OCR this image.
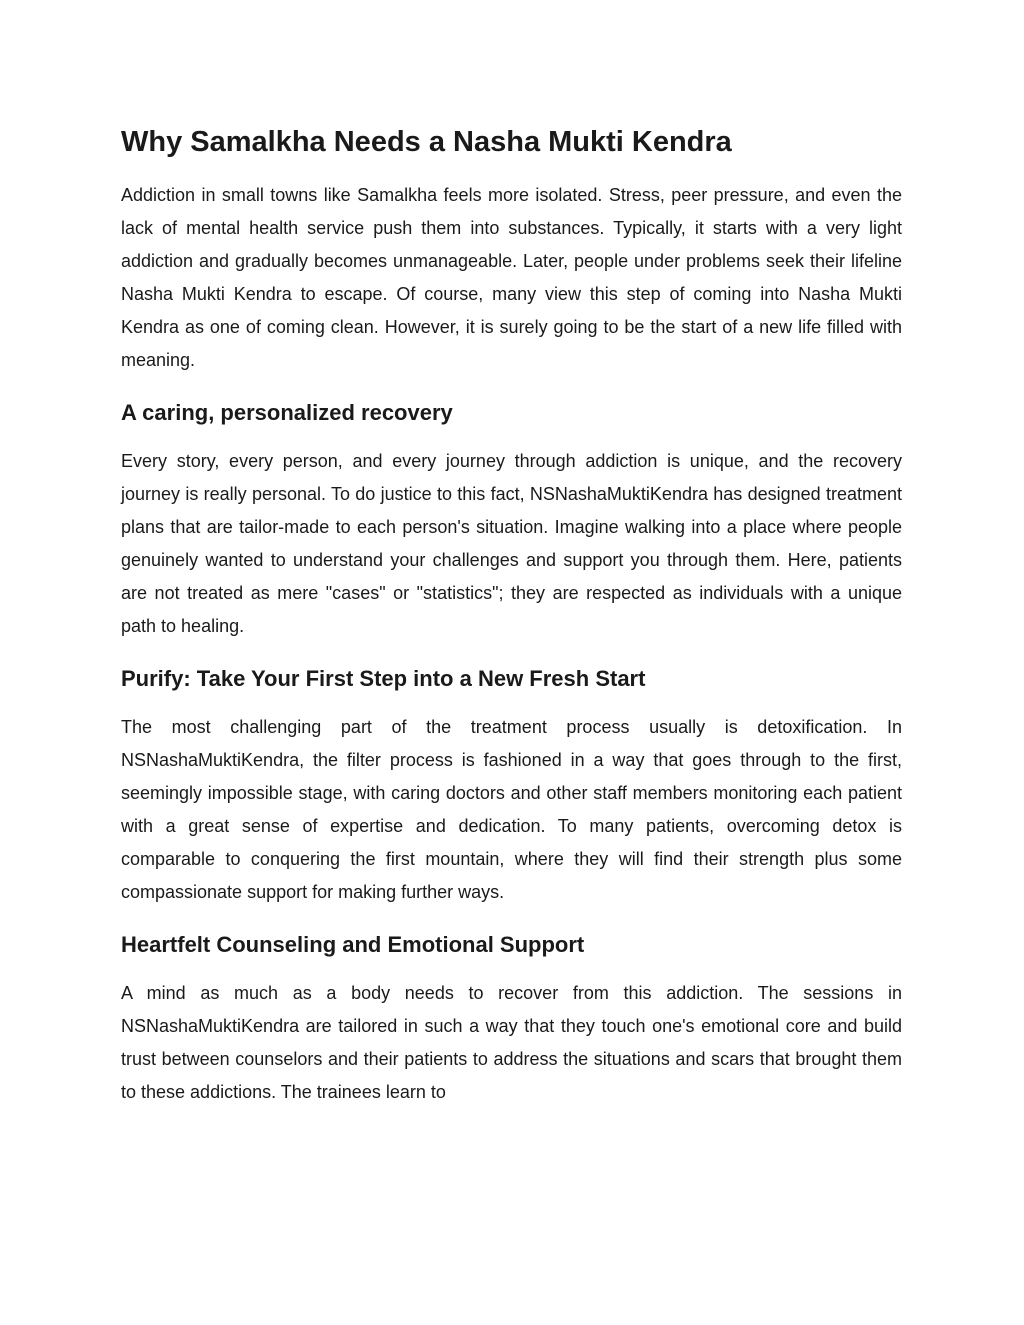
Why Samalkha Needs a Nasha Mukti Kendra

Addiction in small towns like Samalkha feels more isolated. Stress, peer pressure, and even the lack of mental health service push them into substances. Typically, it starts with a very light addiction and gradually becomes unmanageable. Later, people under problems seek their lifeline Nasha Mukti Kendra to escape. Of course, many view this step of coming into Nasha Mukti Kendra as one of coming clean. However, it is surely going to be the start of a new life filled with meaning.

A caring, personalized recovery

Every story, every person, and every journey through addiction is unique, and the recovery journey is really personal. To do justice to this fact, NSNashaMuktiKendra has designed treatment plans that are tailor-made to each person's situation. Imagine walking into a place where people genuinely wanted to understand your challenges and support you through them. Here, patients are not treated as mere "cases" or "statistics"; they are respected as individuals with a unique path to healing.

Purify: Take Your First Step into a New Fresh Start

The most challenging part of the treatment process usually is detoxification. In NSNashaMuktiKendra, the filter process is fashioned in a way that goes through to the first, seemingly impossible stage, with caring doctors and other staff members monitoring each patient with a great sense of expertise and dedication. To many patients, overcoming detox is comparable to conquering the first mountain, where they will find their strength plus some compassionate support for making further ways.

Heartfelt Counseling and Emotional Support

A mind as much as a body needs to recover from this addiction. The sessions in NSNashaMuktiKendra are tailored in such a way that they touch one's emotional core and build trust between counselors and their patients to address the situations and scars that brought them to these addictions. The trainees learn to
